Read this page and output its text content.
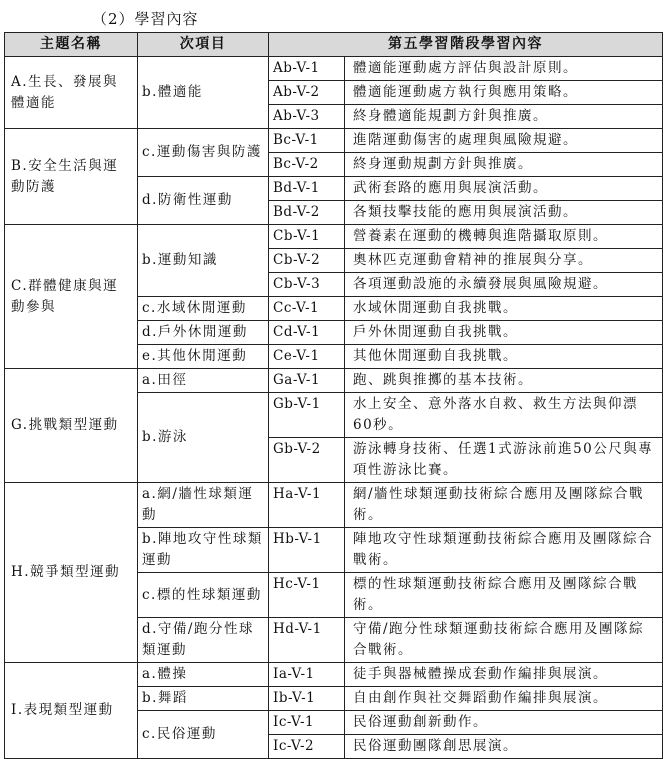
（2）學習內容
主題名稱	次項目	第五學習階段學習內容	
A.生長、發展與體適能	b.體適能	Ab-V-1	體適能運動處方評估與設計原則。
		Ab-V-2	體適能運動處方執行與應用策略。
		Ab-V-3	終身體適能規劃方針與推廣。
B.安全生活與運動防護	c.運動傷害與防護	Bc-V-1	進階運動傷害的處理與風險規避。
		Bc-V-2	終身運動規劃方針與推廣。
	d.防衛性運動	Bd-V-1	武術套路的應用與展演活動。
		Bd-V-2	各類技擊技能的應用與展演活動。
C.群體健康與運動參與	b.運動知識	Cb-V-1	營養素在運動的機轉與進階攝取原則。
		Cb-V-2	奧林匹克運動會精神的推展與分享。
		Cb-V-3	各項運動設施的永續發展與風險規避。
	c.水域休閒運動	Cc-V-1	水域休閒運動自我挑戰。
	d.戶外休閒運動	Cd-V-1	戶外休閒運動自我挑戰。
	e.其他休閒運動	Ce-V-1	其他休閒運動自我挑戰。
G.挑戰類型運動	a.田徑	Ga-V-1	跑、跳與推擲的基本技術。
	b.游泳	Gb-V-1	水上安全、意外落水自救、救生方法與仰漂60秒。
		Gb-V-2	游泳轉身技術、任選1式游泳前進50公尺與專項性游泳比賽。
H.競爭類型運動	a.網/牆性球類運動	Ha-V-1	網/牆性球類運動技術綜合應用及團隊綜合戰術。
	b.陣地攻守性球類運動	Hb-V-1	陣地攻守性球類運動技術綜合應用及團隊綜合戰術。
	c.標的性球類運動	Hc-V-1	標的性球類運動技術綜合應用及團隊綜合戰術。
	d.守備/跑分性球類運動	Hd-V-1	守備/跑分性球類運動技術綜合應用及團隊綜合戰術。
I.表現類型運動	a.體操	Ia-V-1	徒手與器械體操成套動作編排與展演。
	b.舞蹈	Ib-V-1	自由創作與社交舞蹈動作編排與展演。
	c.民俗運動	Ic-V-1	民俗運動創新動作。
		Ic-V-2	民俗運動團隊創思展演。
